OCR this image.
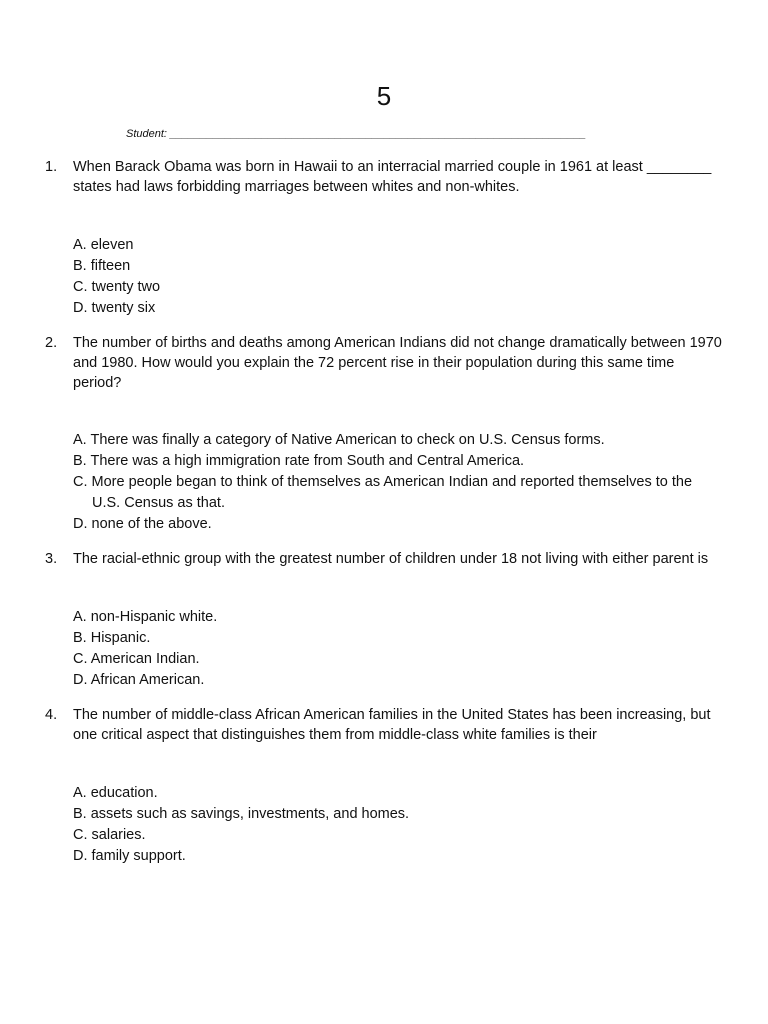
5
Student: ____________________________________________________________________
1. When Barack Obama was born in Hawaii to an interracial married couple in 1961 at least ________ states had laws forbidding marriages between whites and non-whites.

A. eleven
B. fifteen
C. twenty two
D. twenty six
2. The number of births and deaths among American Indians did not change dramatically between 1970 and 1980. How would you explain the 72 percent rise in their population during this same time period?

A. There was finally a category of Native American to check on U.S. Census forms.
B. There was a high immigration rate from South and Central America.
C. More people began to think of themselves as American Indian and reported themselves to the U.S. Census as that.
D. none of the above.
3. The racial-ethnic group with the greatest number of children under 18 not living with either parent is

A. non-Hispanic white.
B. Hispanic.
C. American Indian.
D. African American.
4. The number of middle-class African American families in the United States has been increasing, but one critical aspect that distinguishes them from middle-class white families is their

A. education.
B. assets such as savings, investments, and homes.
C. salaries.
D. family support.
